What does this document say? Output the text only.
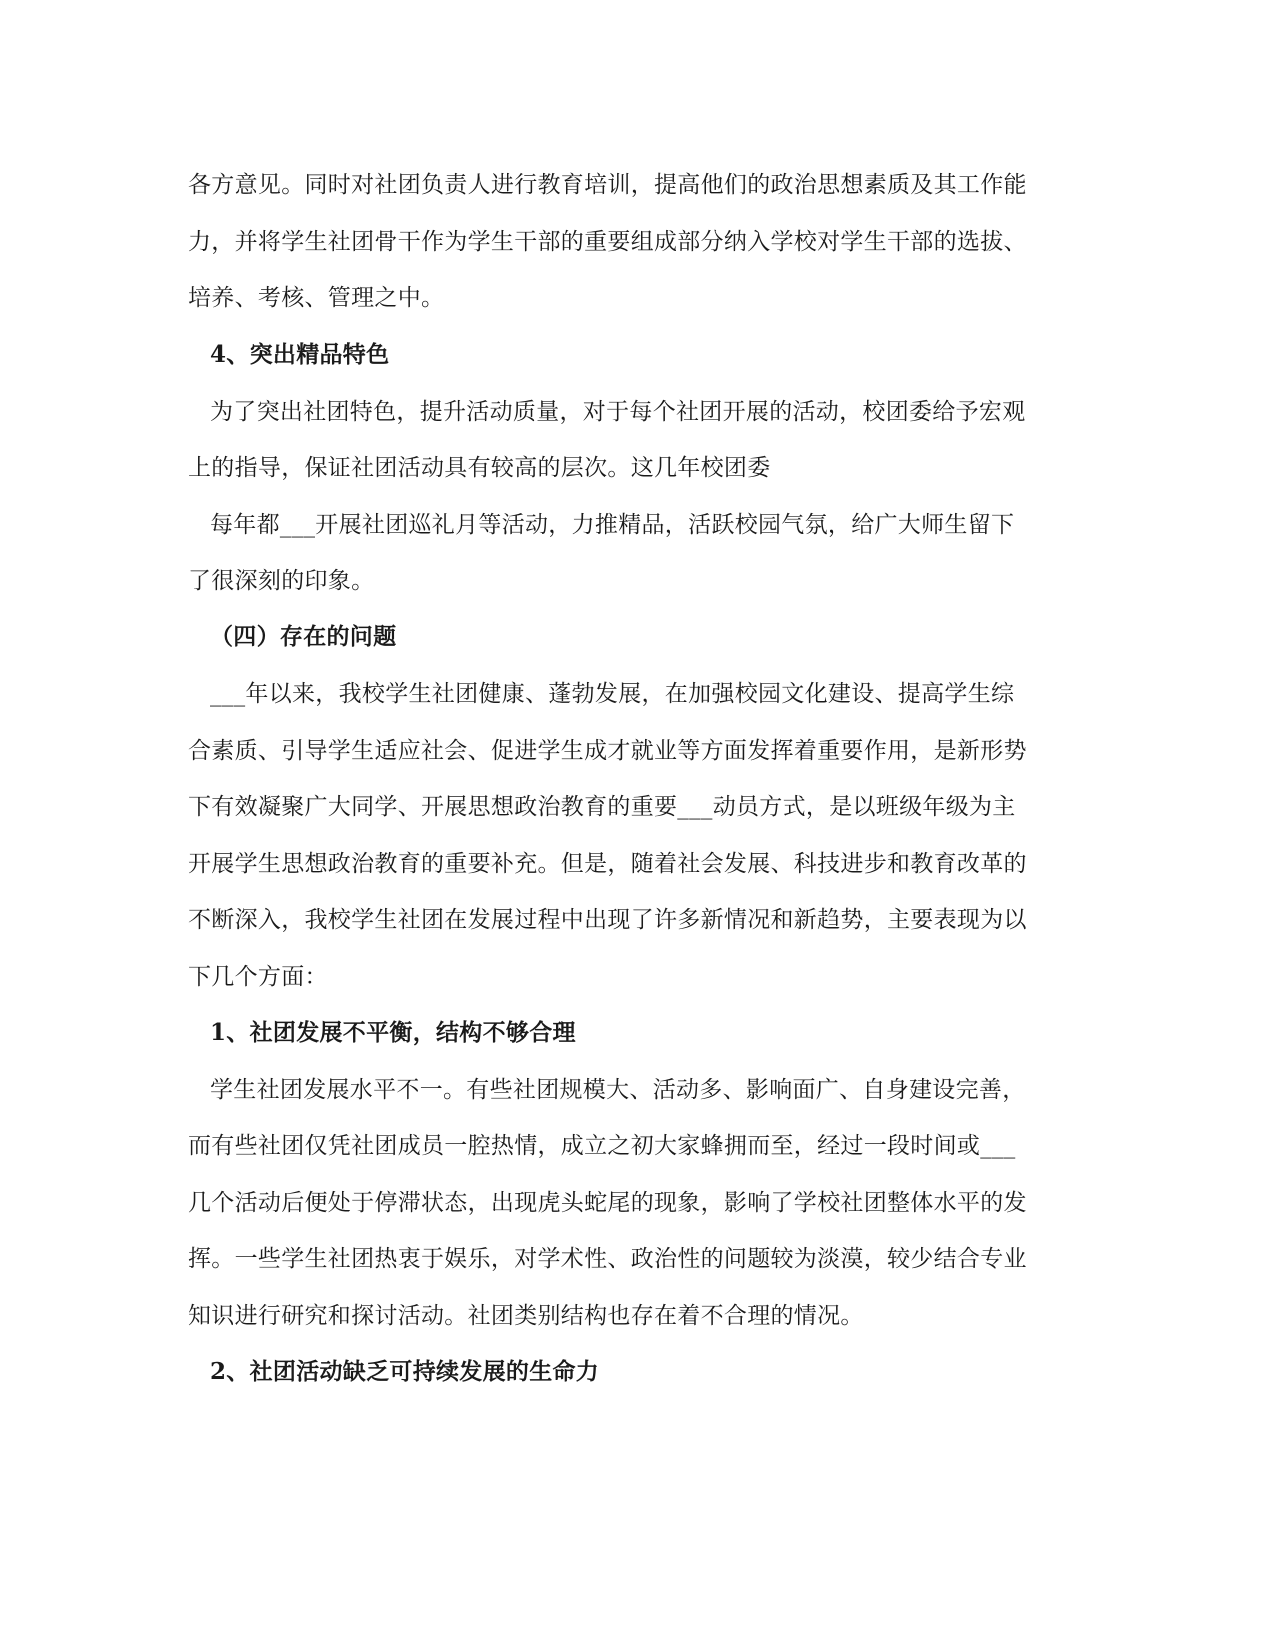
各方意见。同时对社团负责人进行教育培训，提高他们的政治思想素质及其工作能
力，并将学生社团骨干作为学生干部的重要组成部分纳入学校对学生干部的选拔、
培养、考核、管理之中。
4、突出精品特色
为了突出社团特色，提升活动质量，对于每个社团开展的活动，校团委给予宏观
上的指导，保证社团活动具有较高的层次。这几年校团委
每年都___开展社团巡礼月等活动，力推精品，活跃校园气氛，给广大师生留下
了很深刻的印象。
（四）存在的问题
___年以来，我校学生社团健康、蓬勃发展，在加强校园文化建设、提高学生综
合素质、引导学生适应社会、促进学生成才就业等方面发挥着重要作用，是新形势
下有效凝聚广大同学、开展思想政治教育的重要___动员方式，是以班级年级为主
开展学生思想政治教育的重要补充。但是，随着社会发展、科技进步和教育改革的
不断深入，我校学生社团在发展过程中出现了许多新情况和新趋势，主要表现为以
下几个方面：
1、社团发展不平衡，结构不够合理
学生社团发展水平不一。有些社团规模大、活动多、影响面广、自身建设完善，
而有些社团仅凭社团成员一腔热情，成立之初大家蜂拥而至，经过一段时间或___
几个活动后便处于停滞状态，出现虎头蛇尾的现象，影响了学校社团整体水平的发
挥。一些学生社团热衷于娱乐，对学术性、政治性的问题较为淡漠，较少结合专业
知识进行研究和探讨活动。社团类别结构也存在着不合理的情况。
2、社团活动缺乏可持续发展的生命力
